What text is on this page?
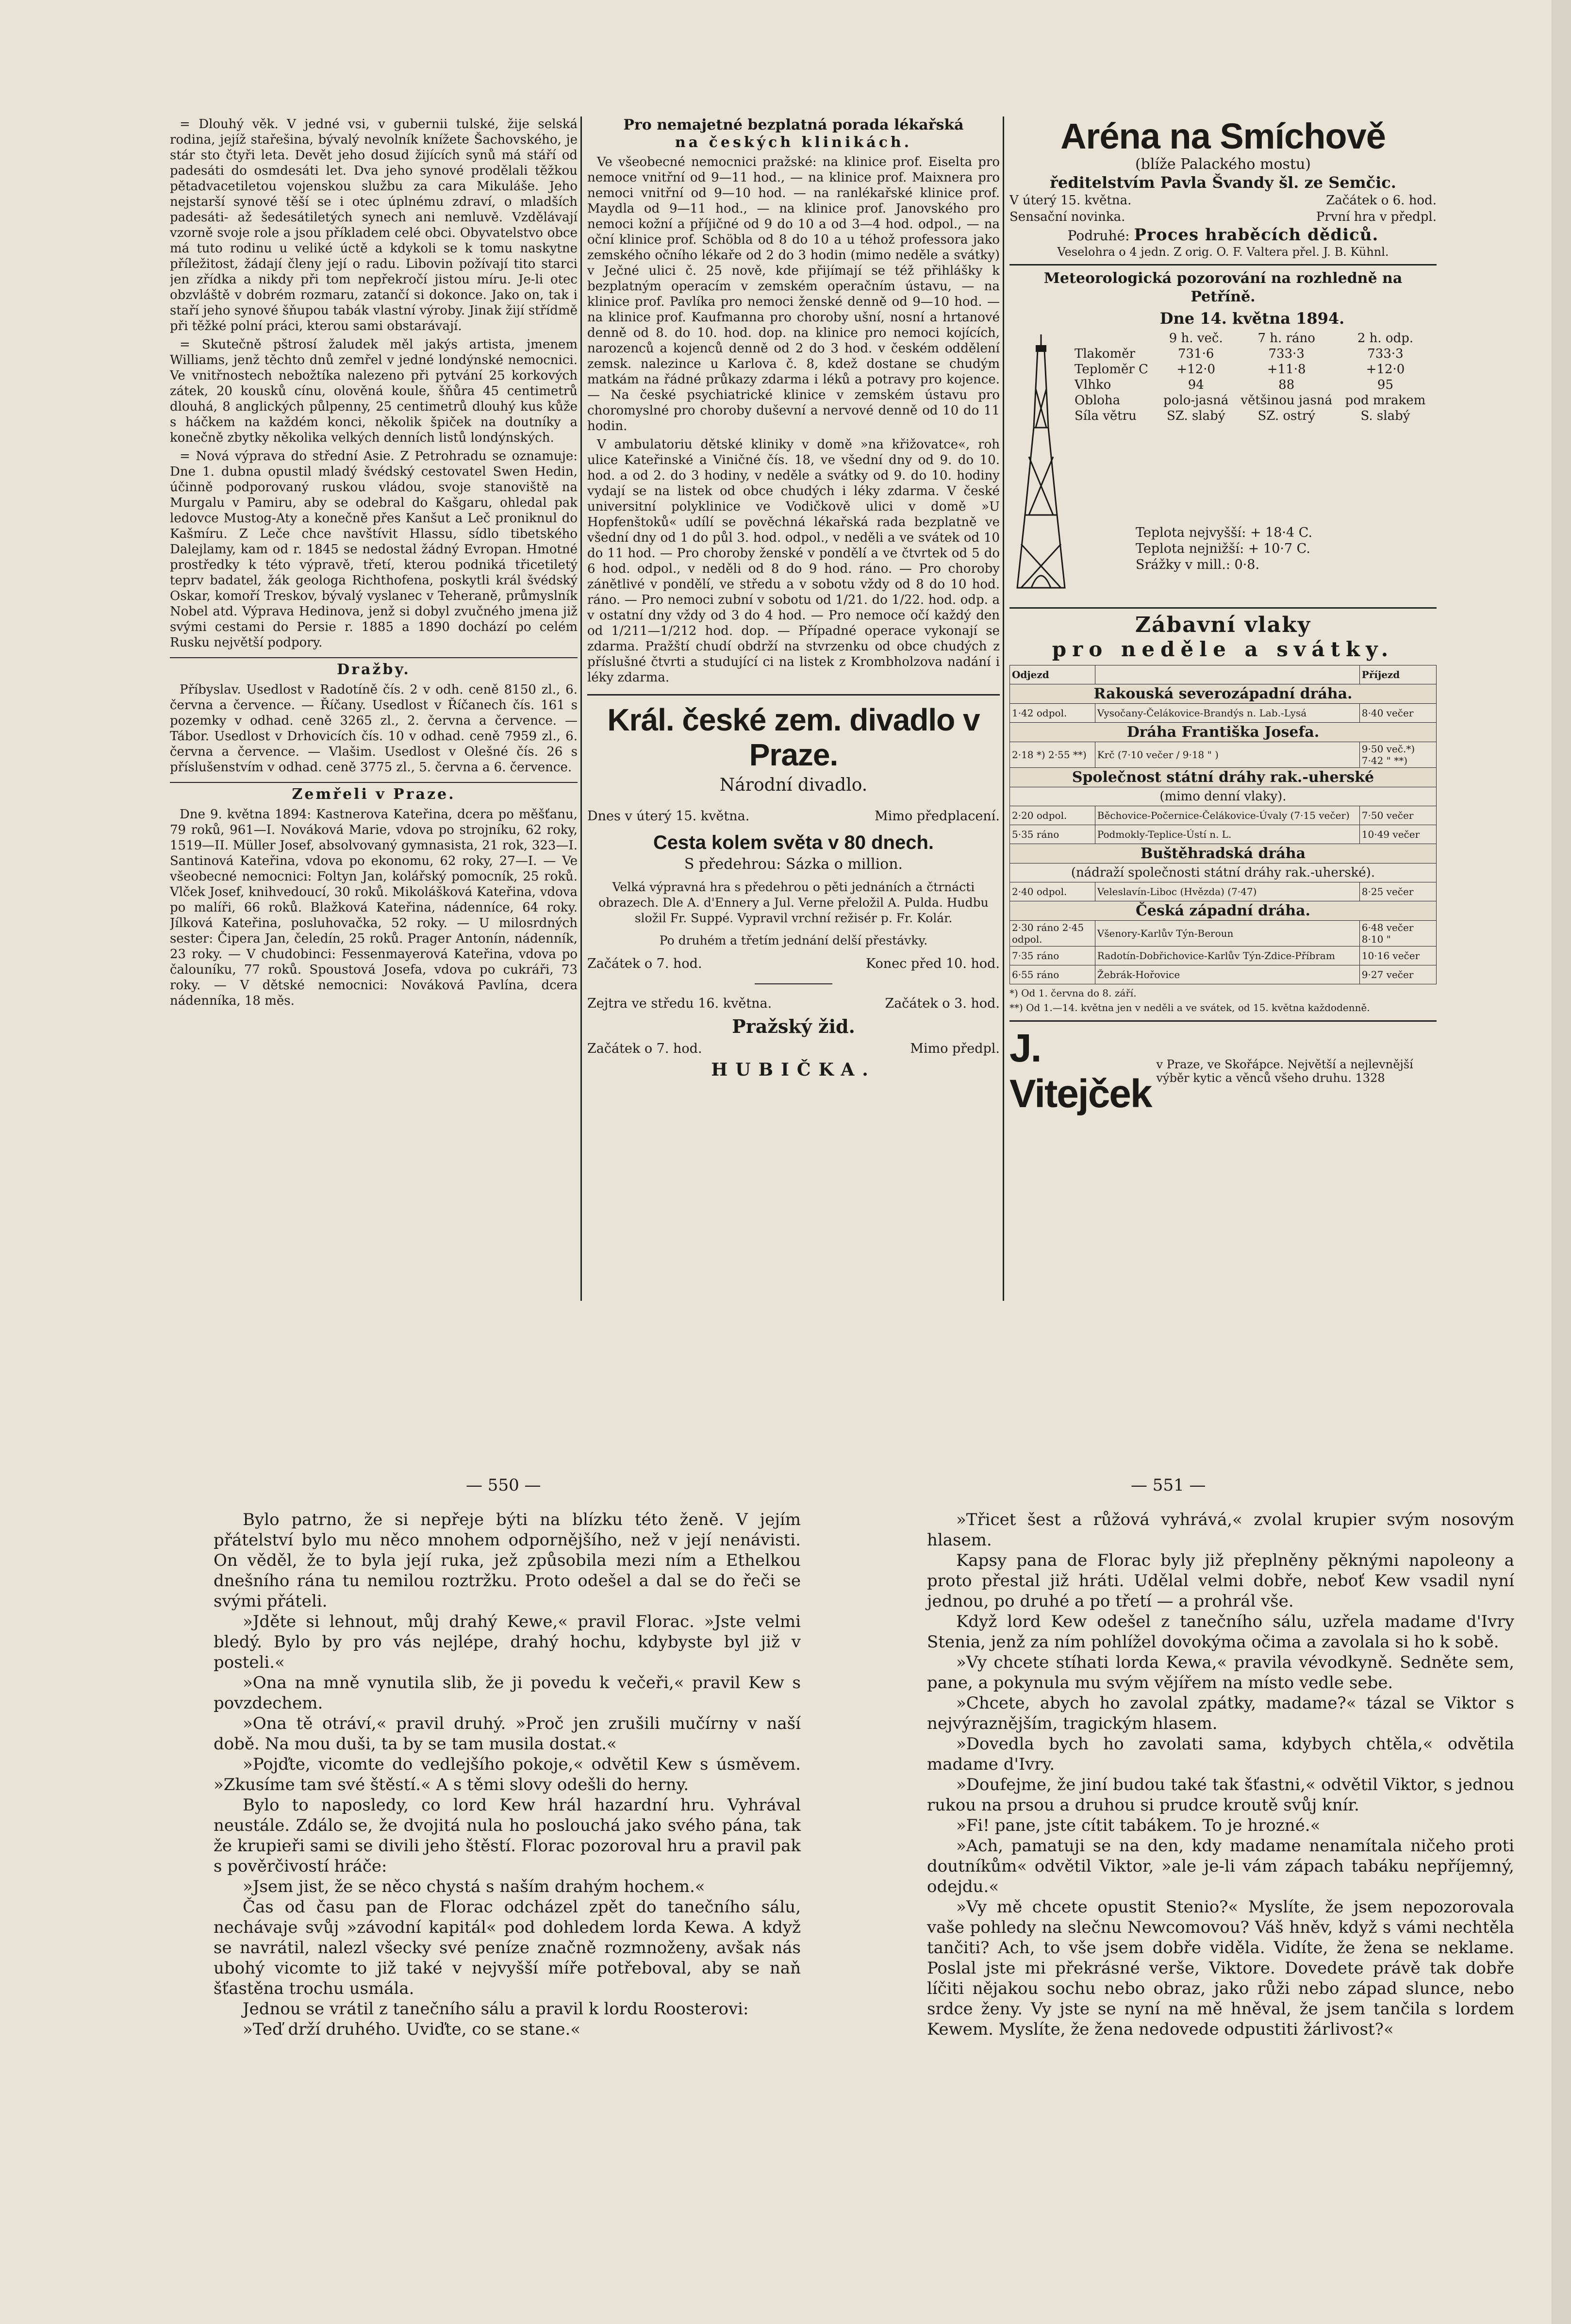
= Dlouhý věk. V jedné vsi, v gubernii tulské, žije selská rodina, jejíž stařešina, bývalý nevolník knížete Šachovského, je stár sto čtyři leta. Devět jeho dosud žijících synů má stáří od padesáti do osmdesáti let. Dva jeho synové prodělali těžkou pětadvacetiletou vojenskou službu za cara Mikuláše. Jeho nejstarší synové těší se i otec úplnému zdraví, o mladších padesáti- až šedesátiletých synech ani nemluvě. Vzdělávají vzorně svoje role a jsou příkladem celé obci. Obyvatelstvo obce má tuto rodinu u veliké úctě a kdykoli se k tomu naskytne příležitost, žádají členy její o radu. Libovin požívají tito starci jen zřídka a nikdy při tom nepřekročí jistou míru. Je-li otec obzvláště v dobrém rozmaru, zatančí si dokonce. Jako on, tak i staří jeho synové šňupou tabák vlastní výroby. Jinak žijí střídmě při těžké polní práci, kterou sami obstarávají.

= Skutečně pštrosí žaludek měl jakýs artista, jmenem Williams, jenž těchto dnů zemřel v jedné londýnské nemocnici. Ve vnitřnostech nebožtíka nalezeno při pytvání 25 korkových zátek, 20 kousků cínu, olověná koule, šňůra 45 centimetrů dlouhá, 8 anglických půlpenny, 25 centimetrů dlouhý kus kůže s háčkem na každém konci, několik špiček na doutníky a konečně zbytky několika velkých denních listů londýnských.

= Nová výprava do střední Asie. Z Petrohradu se oznamuje: Dne 1. dubna opustil mladý švédský cestovatel Swen Hedin, účinně podporovaný ruskou vládou, svoje stanoviště na Murgalu v Pamiru, aby se odebral do Kašgaru, ohledal pak ledovce Mustog-Aty a konečně přes Kanšut a Leč proniknul do Kašmíru. Z Leče chce navštívit Hlassu, sídlo tibetského Dalejlamy, kam od r. 1845 se nedostal žádný Evropan. Hmotné prostředky k této výpravě, třetí, kterou podniká třicetiletý teprv badatel, žák geologa Richthofena, poskytli král švédský Oskar, komoří Treskov, bývalý vyslanec v Teheraně, průmyslník Nobel atd. Výprava Hedinova, jenž si dobyl zvučného jmena již svými cestami do Persie r. 1885 a 1890 dochází po celém Rusku největší podpory.

Dražby.

Příbyslav. Usedlost v Radotíně čís. 2 v odh. ceně 8150 zl., 6. června a července. — Říčany. Usedlost v Říčanech čís. 161 s pozemky v odhad. ceně 3265 zl., 2. června a července. — Tábor. Usedlost v Drhovicích čís. 10 v odhad. ceně 7959 zl., 6. června a července. — Vlašim. Usedlost v Olešné čís. 26 s příslušenstvím v odhad. ceně 3775 zl., 5. června a 6. července.

Zemřeli v Praze.

Dne 9. května 1894: Kastnerova Kateřina, dcera po měšťanu, 79 roků, 961—I. Nováková Marie, vdova po strojníku, 62 roky, 1519—II. Müller Josef, absolvovaný gymnasista, 21 rok, 323—I. Santinová Kateřina, vdova po ekonomu, 62 roky, 27—I. — Ve všeobecné nemocnici: Foltyn Jan, kolářský pomocník, 25 roků. Vlček Josef, knihvedoucí, 30 roků. Mikolášková Kateřina, vdova po malíři, 66 roků. Blažková Kateřina, nádenníce, 64 roky. Jílková Kateřina, posluhovačka, 52 roky. — U milosrdných sester: Čipera Jan, čeledín, 25 roků. Prager Antonín, nádenník, 23 roky. — V chudobinci: Fessenmayerová Kateřina, vdova po čalouníku, 77 roků. Spoustová Josefa, vdova po cukráři, 73 roky. — V dětské nemocnici: Nováková Pavlína, dcera nádenníka, 18 měs.

Pro nemajetné bezplatná porada lékařská
na českých klinikách.

Ve všeobecné nemocnici pražské: na klinice prof. Eiselta pro nemoce vnitřní od 9—11 hod., — na klinice prof. Maixnera pro nemoci vnitřní od 9—10 hod. — na ranlékařské klinice prof. Maydla od 9—11 hod., — na klinice prof. Janovského pro nemoci kožní a příjičné od 9 do 10 a od 3—4 hod. odpol., — na oční klinice prof. Schöbla od 8 do 10 a u téhož professora jako zemského očního lékaře od 2 do 3 hodin (mimo neděle a svátky) v Ječné ulici č. 25 nově, kde přijímají se též přihlášky k bezplatným operacím v zemském operačním ústavu, — na klinice prof. Pavlíka pro nemoci ženské denně od 9—10 hod. — na klinice prof. Kaufmanna pro choroby ušní, nosní a hrtanové denně od 8. do 10. hod. dop. na klinice pro nemoci kojících, narozenců a kojenců denně od 2 do 3 hod. v českém oddělení zemsk. nalezince u Karlova č. 8, kdež dostane se chudým matkám na řádné průkazy zdarma i léků a potravy pro kojence. — Na české psychiatrické klinice v zemském ústavu pro choromyslné pro choroby duševní a nervové denně od 10 do 11 hodin.

V ambulatoriu dětské kliniky v domě »na křižovatce«, roh ulice Kateřinské a Viničné čís. 18, ve všední dny od 9. do 10. hod. a od 2. do 3 hodiny, v neděle a svátky od 9. do 10. hodiny vydají se na listek od obce chudých i léky zdarma. V české universitní polyklinice ve Vodičkově ulici v domě »U Hopfenštoků« udílí se pověchná lékařská rada bezplatně ve všední dny od 1 do půl 3. hod. odpol., v neděli a ve svátek od 10 do 11 hod. — Pro choroby ženské v pondělí a ve čtvrtek od 5 do 6 hod. odpol., v neděli od 8 do 9 hod. ráno. — Pro choroby zánětlivé v pondělí, ve středu a v sobotu vždy od 8 do 10 hod. ráno. — Pro nemoci zubní v sobotu od 1/21. do 1/22. hod. odp. a v ostatní dny vždy od 3 do 4 hod. — Pro nemoce očí každý den od 1/211—1/212 hod. dop. — Případné operace vykonají se zdarma. Pražští chudí obdrží na stvrzenku od obce chudých z příslušné čtvrti a studující ci na listek z Krombholzova nadání i léky zdarma.

Král. české zem. divadlo v Praze.
Národní divadlo.
Dnes v úterý 15. května.	Mimo předplacení.
Cesta kolem světa v 80 dnech.
S předehrou: Sázka o million.
Velká výpravná hra s předehrou o pěti jednáních a čtrnácti obrazech. Dle A. d'Ennery a Jul. Verne přeložil A. Pulda. Hudbu složil Fr. Suppé. Vypravil vrchní režisér p. Fr. Kolár.
Po druhém a třetím jednání delší přestávky.
Začátek o 7. hod.	Konec před 10. hod.
Zejtra ve středu 16. května.	Začátek o 3. hod.
Pražský žid.
Začátek o 7. hod.	Mimo předpl.
HUBIČKA.
Aréna na Smíchově
(blíže Palackého mostu)
ředitelstvím Pavla Švandy šl. ze Semčic.
V úterý 15. května.	Začátek o 6. hod.
Sensační novinka.	První hra v předpl.
Podruhé: Proces hraběcích dědiců.
Veselohra o 4 jedn. Z orig. O. F. Valtera přel. J. B. Kühnl.
Meteorologická pozorování na rozhledně na Petříně.
Dne 14. května 1894.
	9 h. več.	7 h. ráno	2 h. odp.
Tlakoměr	731·6	733·3	733·3
Teploměr C	+12·0	+11·8	+12·0
Vlhko	94	88	95
Obloha	polo-jasná	většinou jasná	pod mrakem
Síla větru	SZ. slabý	SZ. ostrý	S. slabý
Teplota nejvyšší: + 18·4 C.
Teplota nejnižší: + 10·7 C.
Srážky v mill.: 0·8.
Zábavní vlaky
pro neděle a svátky.
Odjezd		Příjezd
Rakouská severozápadní dráha.		
1·42 odpol.	Vysočany-Čelákovice-Brandýs n. Lab.-Lysá	8·40 večer
Dráha Františka Josefa.		
2·18 *) 2·55 **)	Krč (7·10 večer / 9·18 " )	9·50 več.*) 7·42 " **)
Společnost státní dráhy rak.-uherské		
(mimo denní vlaky).		
2·20 odpol.	Běchovice-Počernice-Čelákovice-Úvaly (7·15 večer)	7·50 večer
5·35 ráno	Podmokly-Teplice-Ústí n. L.	10·49 večer
Buštěhradská dráha		
(nádraží společnosti státní dráhy rak.-uherské).		
2·40 odpol.	Veleslavín-Liboc (Hvězda) (7·47)	8·25 večer
Česká západní dráha.		
2·30 ráno 2·45 odpol.	Všenory-Karlův Týn-Beroun	6·48 večer 8·10 "
7·35 ráno	Radotín-Dobřichovice-Karlův Týn-Zdice-Příbram	10·16 večer
6·55 ráno	Žebrák-Hořovice	9·27 večer
*) Od 1. června do 8. září.
**) Od 1.—14. května jen v neděli a ve svátek, od 15. května každodenně.
J. Vitejček
v Praze, ve Skořápce. Největší a nejlevnější výběr kytic a věnců všeho druhu. 1328
— 550 —	— 551 —

Bylo patrno, že si nepřeje býti na blízku této ženě. V jejím přátelství bylo mu něco mnohem odpornějšího, než v její nenávisti. On věděl, že to byla její ruka, jež způsobila mezi ním a Ethelkou dnešního rána tu nemilou roztržku. Proto odešel a dal se do řeči se svými přáteli.

»Jděte si lehnout, můj drahý Kewe,« pravil Florac. »Jste velmi bledý. Bylo by pro vás nejlépe, drahý hochu, kdybyste byl již v posteli.«

»Ona na mně vynutila slib, že ji povedu k večeři,« pravil Kew s povzdechem.

»Ona tě otráví,« pravil druhý. »Proč jen zrušili mučírny v naší době. Na mou duši, ta by se tam musila dostat.«

»Pojďte, vicomte do vedlejšího pokoje,« odvětil Kew s úsměvem. »Zkusíme tam své štěstí.« A s těmi slovy odešli do herny.

Bylo to naposledy, co lord Kew hrál hazardní hru. Vyhrával neustále. Zdálo se, že dvojitá nula ho poslouchá jako svého pána, tak že krupieři sami se divili jeho štěstí. Florac pozoroval hru a pravil pak s pověrčivostí hráče:

»Jsem jist, že se něco chystá s naším drahým hochem.«

Čas od času pan de Florac odcházel zpět do tanečního sálu, nechávaje svůj »závodní kapitál« pod dohledem lorda Kewa. A když se navrátil, nalezl všecky své peníze značně rozmnoženy, avšak nás ubohý vicomte to již také v nejvyšší míře potřeboval, aby se naň šťastěna trochu usmála.

Jednou se vrátil z tanečního sálu a pravil k lordu Roosterovi:

»Teď drží druhého. Uviďte, co se stane.«

»Třicet šest a růžová vyhrává,« zvolal krupier svým nosovým hlasem.

Kapsy pana de Florac byly již přeplněny pěknými napoleony a proto přestal již hráti. Udělal velmi dobře, neboť Kew vsadil nyní jednou, po druhé a po třetí — a prohrál vše.

Když lord Kew odešel z tanečního sálu, uzřela madame d'Ivry Stenia, jenž za ním pohlížel dovokýma očima a zavolala si ho k sobě.

»Vy chcete stíhati lorda Kewa,« pravila vévodkyně. Sedněte sem, pane, a pokynula mu svým vějířem na místo vedle sebe.

»Chcete, abych ho zavolal zpátky, madame?« tázal se Viktor s nejvýraznějším, tragickým hlasem.

»Dovedla bych ho zavolati sama, kdybych chtěla,« odvětila madame d'Ivry.

»Doufejme, že jiní budou také tak šťastni,« odvětil Viktor, s jednou rukou na prsou a druhou si prudce kroutě svůj knír.

»Fi! pane, jste cítit tabákem. To je hrozné.«

»Ach, pamatuji se na den, kdy madame nenamítala ničeho proti doutníkům« odvětil Viktor, »ale je-li vám zápach tabáku nepříjemný, odejdu.«

»Vy mě chcete opustit Stenio?« Myslíte, že jsem nepozorovala vaše pohledy na slečnu Newcomovou? Váš hněv, když s vámi nechtěla tančiti? Ach, to vše jsem dobře viděla. Vidíte, že žena se neklame. Poslal jste mi překrásné verše, Viktore. Dovedete právě tak dobře líčiti nějakou sochu nebo obraz, jako růži nebo západ slunce, nebo srdce ženy. Vy jste se nyní na mě hněval, že jsem tančila s lordem Kewem. Myslíte, že žena nedovede odpustiti žárlivost?«
